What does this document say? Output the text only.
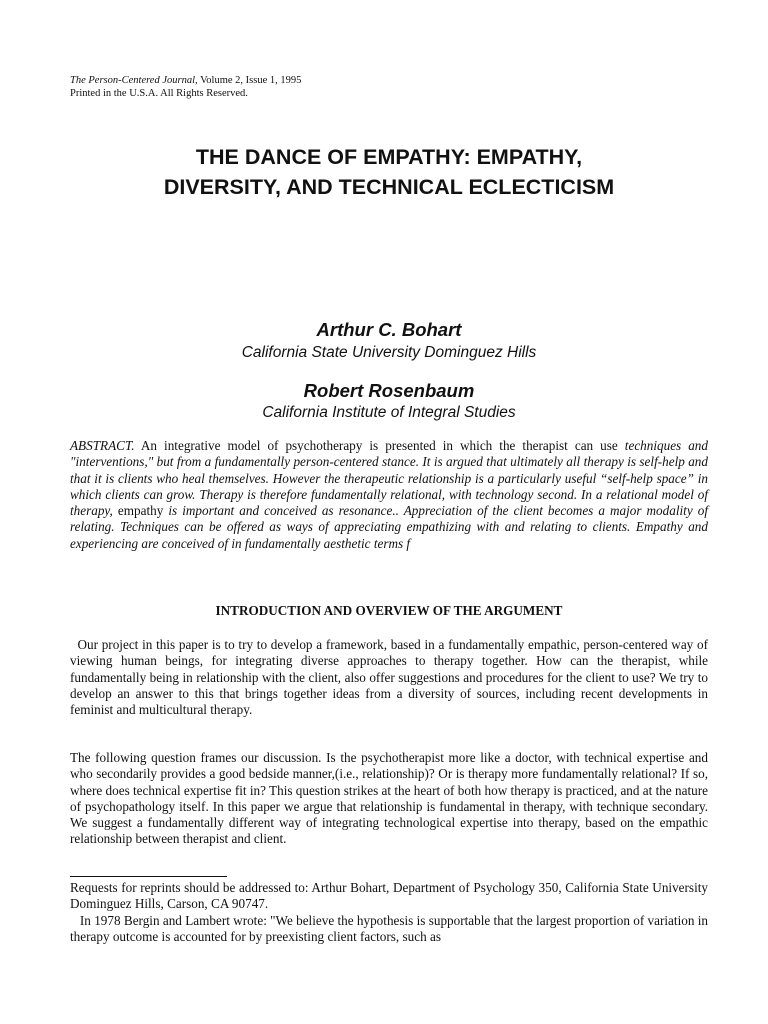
The Person-Centered Journal, Volume 2, Issue 1, 1995
Printed in the U.S.A. All Rights Reserved.
THE DANCE OF EMPATHY: EMPATHY,
DIVERSITY, AND TECHNICAL ECLECTICISM
Arthur C. Bohart
California State University Dominguez Hills
Robert Rosenbaum
California Institute of Integral Studies
ABSTRACT. An integrative model of psychotherapy is presented in which the therapist can use techniques and "interventions," but from a fundamentally person-centered stance. It is argued that ultimately all therapy is self-help and that it is clients who heal themselves. However the therapeutic relationship is a particularly useful “self-help space” in which clients can grow. Therapy is therefore fundamentally relational, with technology second. In a relational model of therapy, empathy is important and conceived as resonance.. Appreciation of the client becomes a major modality of relating. Techniques can be offered as ways of appreciating empathizing with and relating to clients. Empathy and experiencing are conceived of in fundamentally aesthetic terms f
INTRODUCTION AND OVERVIEW OF THE ARGUMENT
Our project in this paper is to try to develop a framework, based in a fundamentally empathic, person-centered way of viewing human beings, for integrating diverse approaches to therapy together. How can the therapist, while fundamentally being in relationship with the client, also offer suggestions and procedures for the client to use? We try to develop an answer to this that brings together ideas from a diversity of sources, including recent developments in feminist and multicultural therapy.
The following question frames our discussion. Is the psychotherapist more like a doctor, with technical expertise and who secondarily provides a good bedside manner,(i.e., relationship)? Or is therapy more fundamentally relational? If so, where does technical expertise fit in? This question strikes at the heart of both how therapy is practiced, and at the nature of psychopathology itself. In this paper we argue that relationship is fundamental in therapy, with technique secondary. We suggest a fundamentally different way of integrating technological expertise into therapy, based on the empathic relationship between therapist and client.
Requests for reprints should be addressed to: Arthur Bohart, Department of Psychology 350, California State University Dominguez Hills, Carson, CA 90747.
In 1978 Bergin and Lambert wrote: "We believe the hypothesis is supportable that the largest proportion of variation in therapy outcome is accounted for by preexisting client factors, such as
